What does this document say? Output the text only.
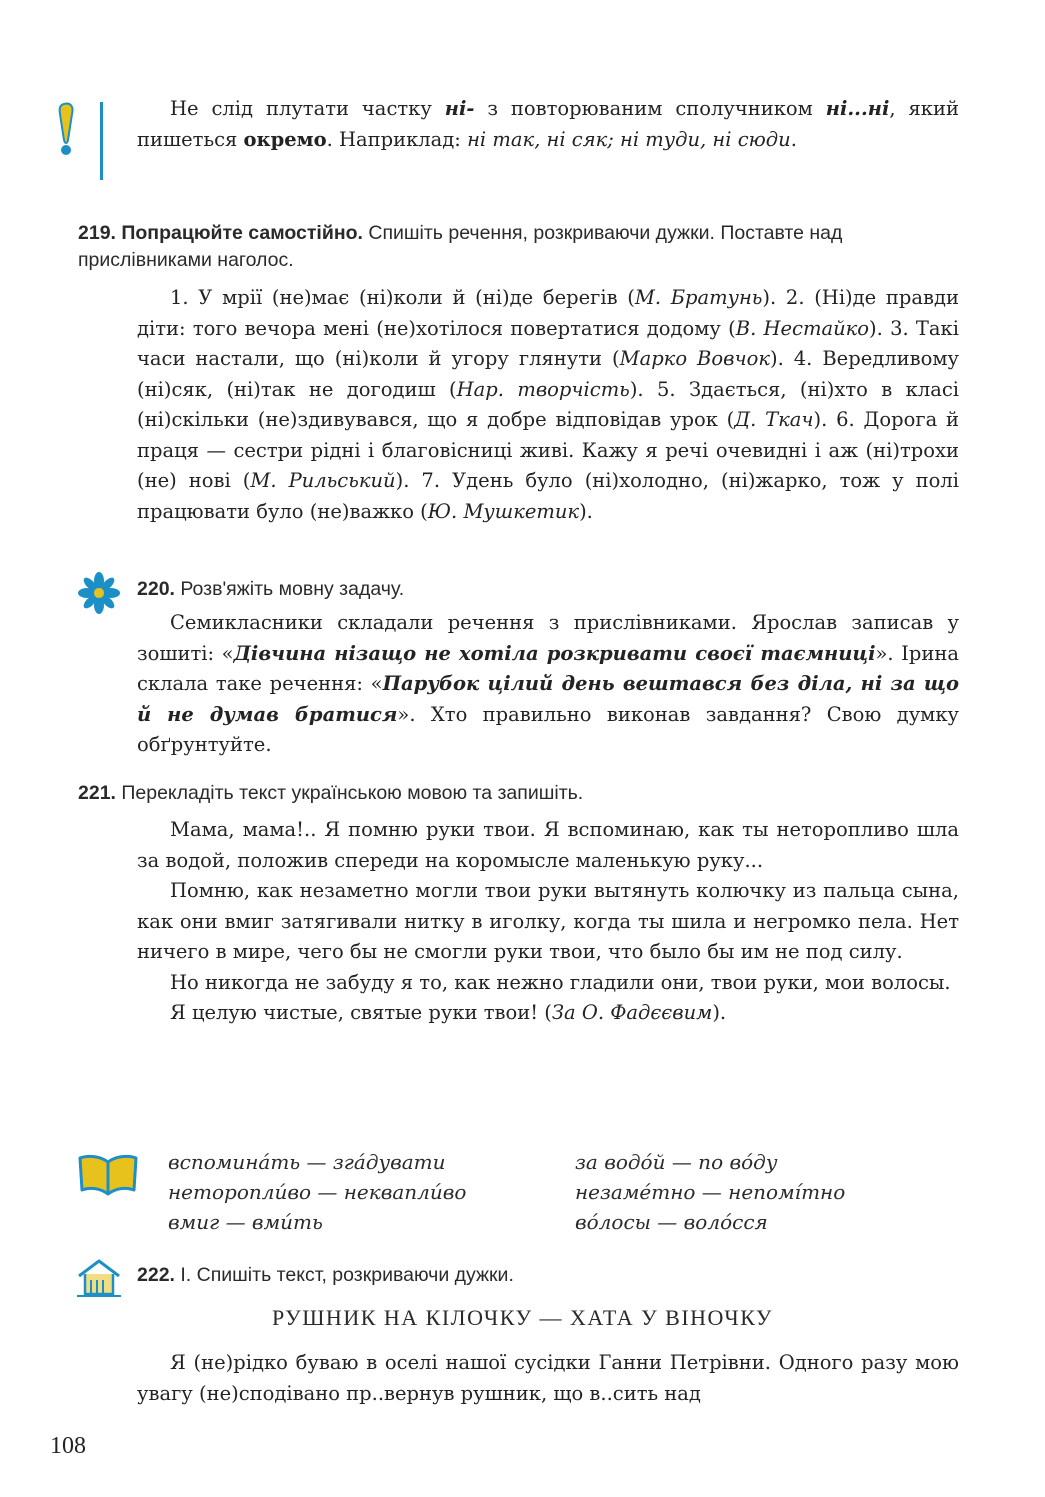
Не слід плутати частку ні- з повторюваним сполучником ні...ні, який пишеться окремо. Наприклад: ні так, ні сяк; ні туди, ні сюди.
219. Попрацюйте самостійно. Спишіть речення, розкриваючи дужки. Поставте над прислівниками наголос.
1. У мрії (не)має (ні)коли й (ні)де берегів (М. Братунь). 2. (Ні)де правди діти: того вечора мені (не)хотілося повертатися додому (В. Нестайко). 3. Такі часи настали, що (ні)коли й угору глянути (Марко Вовчок). 4. Вередливому (ні)сяк, (ні)так не догодиш (Нар. творчість). 5. Здається, (ні)хто в класі (ні)скільки (не)здивувався, що я добре відповідав урок (Д. Ткач). 6. Дорога й праця — сестри рідні і благовісниці живі. Кажу я речі очевидні і аж (ні)трохи (не) нові (М. Рильський). 7. Удень було (ні)холодно, (ні)жарко, тож у полі працювати було (не)важко (Ю. Мушкетик).
220. Розв'яжіть мовну задачу.
Семикласники складали речення з прислівниками. Ярослав записав у зошиті: «Дівчина нізащо не хотіла розкривати своєї таємниці». Ірина склала таке речення: «Парубок цілий день вештався без діла, ні за що й не думав братися». Хто правильно виконав завдання? Свою думку обґрунтуйте.
221. Перекладіть текст українською мовою та запишіть.
Мама, мама!.. Я помню руки твои. Я вспоминаю, как ты неторопливо шла за водой, положив спереди на коромысле маленькую руку...
Помню, как незаметно могли твои руки вытянуть колючку из пальца сына, как они вмиг затягивали нитку в иголку, когда ты шила и негромко пела. Нет ничего в мире, чего бы не смогли руки твои, что было бы им не под силу.
Но никогда не забуду я то, как нежно гладили они, твои руки, мои волосы.
Я целую чистые, святые руки твои! (За О. Фадєєвим).
вспоминáть — згáдувати	за водóй — по вóду
неторопли́во — некваплúво	незамéтно — непомíтно
вмиг — вмúть	вóлосы — волóсся
222. І. Спишіть текст, розкриваючи дужки.
РУШНИК НА КІЛОЧКУ — ХАТА У ВІНОЧКУ
Я (не)рідко буваю в оселі нашої сусідки Ганни Петрівни. Одного разу мою увагу (не)сподівано пр..вернув рушник, що в..сить над
108
